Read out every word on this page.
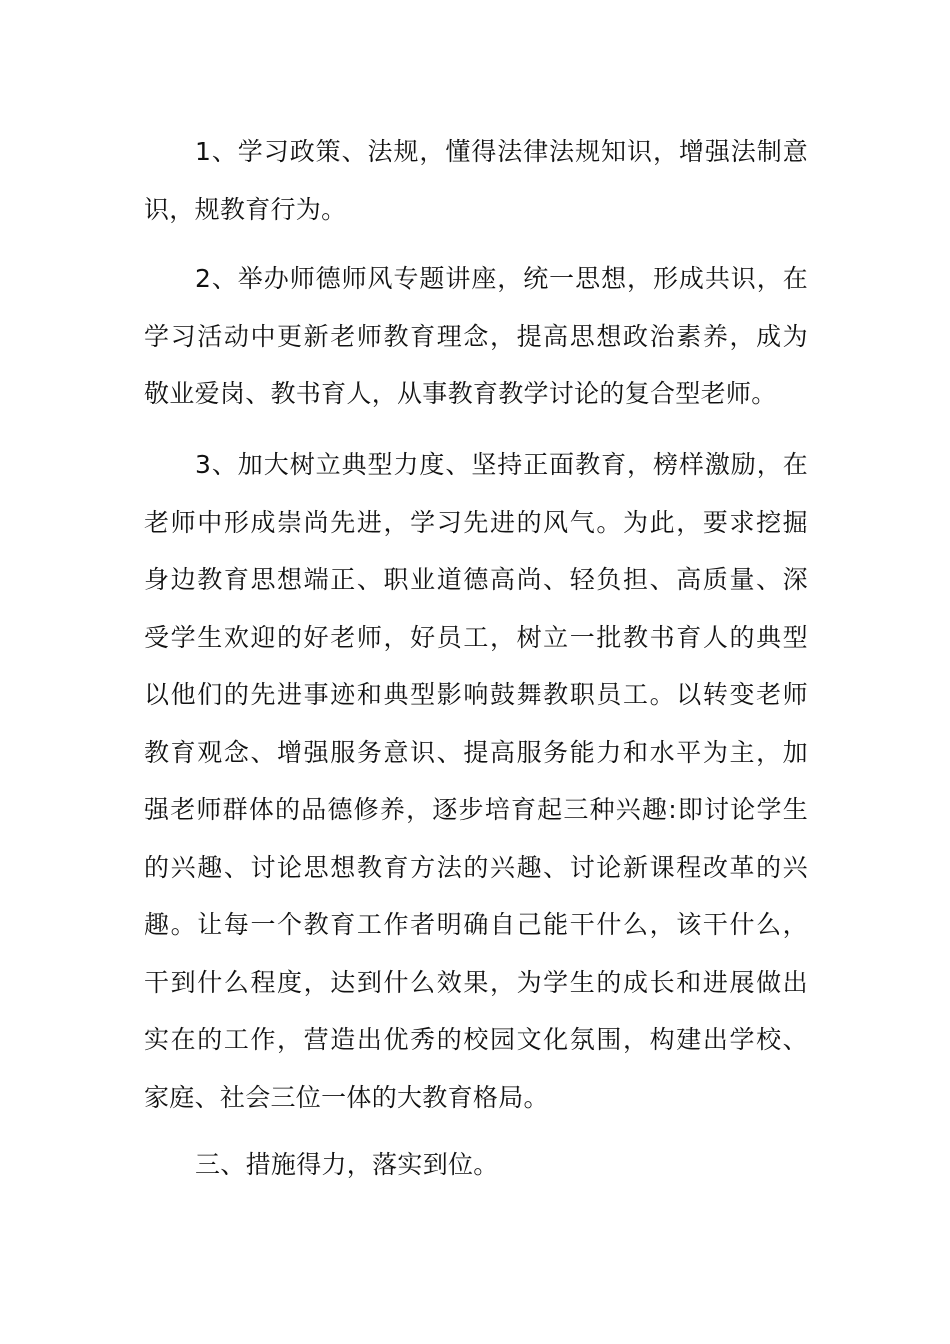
1、学习政策、法规，懂得法律法规知识，增强法制意
识，规教育行为。
2、举办师德师风专题讲座，统一思想，形成共识，在
学习活动中更新老师教育理念，提高思想政治素养，成为
敬业爱岗、教书育人，从事教育教学讨论的复合型老师。
3、加大树立典型力度、坚持正面教育，榜样激励，在
老师中形成崇尚先进，学习先进的风气。为此，要求挖掘
身边教育思想端正、职业道德高尚、轻负担、高质量、深
受学生欢迎的好老师，好员工，树立一批教书育人的典型
以他们的先进事迹和典型影响鼓舞教职员工。以转变老师
教育观念、增强服务意识、提高服务能力和水平为主，加
强老师群体的品德修养，逐步培育起三种兴趣:即讨论学生
的兴趣、讨论思想教育方法的兴趣、讨论新课程改革的兴
趣。让每一个教育工作者明确自己能干什么，该干什么，
干到什么程度，达到什么效果，为学生的成长和进展做出
实在的工作，营造出优秀的校园文化氛围，构建出学校、
家庭、社会三位一体的大教育格局。
三、措施得力，落实到位。
